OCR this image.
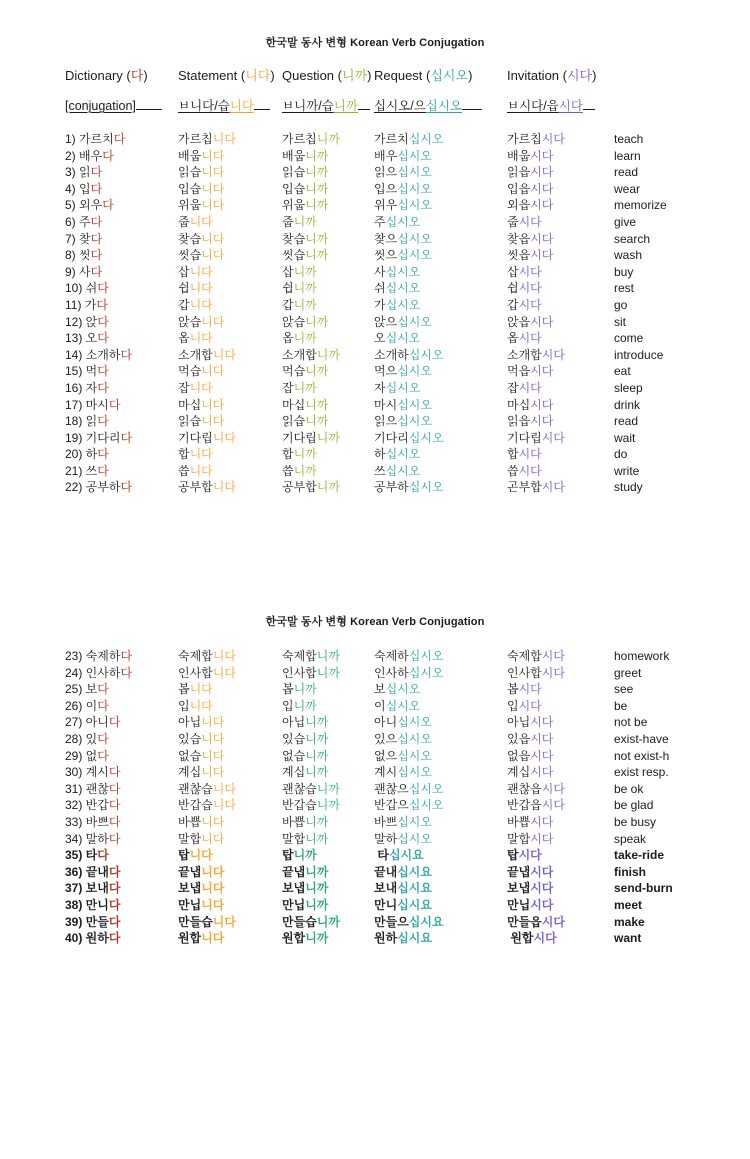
한국말 동사 변형 Korean Verb Conjugation
Dictionary (다)	Statement (니다) Question (니까) Request (십시오)	Invitation (시다)
[conjugation]	ㅂ니다/습니다	ㅂ니까/습니까	십시오/으십시오	ㅂ시다/읍시다
1) 가르치다	가르칩니다	가르칩니까	가르치십시오	가르칩시다	teach
2) 배우다	배웁니다	배웁니까	배우십시오	배웁시다	learn
3) 읽다	읽습니다	읽습니까	읽으십시오	읽읍시다	read
4) 입다	입습니다	입습니까	입으십시오	입읍시다	wear
5) 외우다	위웁니다	위웁니까	위우십시오	외읍시다	memorize
6) 주다	줍니다	줍니까	주십시오	줍시다	give
7) 찾다	찾습니다	찾습니까	찾으십시오	찾읍시다	search
8) 씻다	씻습니다	씻습니까	씻으십시오	씻읍시다	wash
9) 사다	삽니다	삽니까	사십시오	삽시다	buy
10) 쉬다	쉽니다	쉽니까	쉬십시오	쉽시다	rest
11) 가다	갑니다	갑니까	가십시오	갑시다	go
12) 앉다	앉습니다	앉습니까	앉으십시오	앉읍시다	sit
13) 오다	옵니다	옵니까	오십시오	옵시다	come
14) 소개하다	소개합니다	소개합니까	소개하십시오	소개합시다	introduce
15) 먹다	먹습니다	먹습니까	먹으십시오	먹읍시다	eat
16) 자다	잡니다	잡니까	자십시오	잡시다	sleep
17) 마시다	마십니다	마십니까	마시십시오	마십시다	drink
18) 읽다	읽습니다	읽습니까	읽으십시오	읽읍시다	read
19) 기다리다	기다립니다	기다립니까	기다리십시오	기다립시다	wait
20) 하다	합니다	합니까	하십시오	합시다	do
21) 쓰다	씁니다	씁니까	쓰십시오	씁시다	write
22) 공부하다	공부합니다	공부합니까	공부하십시오	곤부합시다	study
한국말 동사 변형 Korean Verb Conjugation
23) 숙제하다	숙제합니다	숙제합니까	숙제하십시오	숙제합시다	homework
24) 인사하다	인사합니다	인사합니까	인사하십시오	인사합시다	greet
25) 보다	봅니다	봅니까	보십시오	봅시다	see
26) 이다	입니다	입니까	이십시오	입시다	be
27) 아니다	아닙니다	아닙니까	아니십시오	아닙시다	not be
28) 있다	있습니다	있습니까	있으십시오	있읍시다	exist-have
29) 없다	없습니다	없습니까	없으십시오	없읍시다	not exist-h
30) 계시다	계십니다	계십니까	계시십시오	계십시다	exist resp.
31) 괜찮다	괜찮습니다	괜찮습니까	괜찮으십시오	괜찮읍시다	be ok
32) 반갑다	반갑습니다	반갑습니까	반갑으십시오	반갑읍시다	be glad
33) 바쁘다	바쁩니다	바쁩니까	바쁘십시오	바쁩시다	be busy
34) 말하다	말합니다	말합니까	말하십시오	말합시다	speak
35) 타다	탑니다	탑니까	타십시요	탑시다	take-ride
36) 끝내다	끝냅니다	끝냅니까	끝내십시요	끝냅시다	finish
37) 보내다	보냅니다	보냅니까	보내십시요	보냅시다	send-burn
38) 만니다	만닙니다	만닙니까	만니십시요	만닙시다	meet
39) 만들다	만들습니다	만들습니까	만들으십시요	만들읍시다	make
40) 원하다	원합니다	원합니까	원하십시요	원합시다	want
